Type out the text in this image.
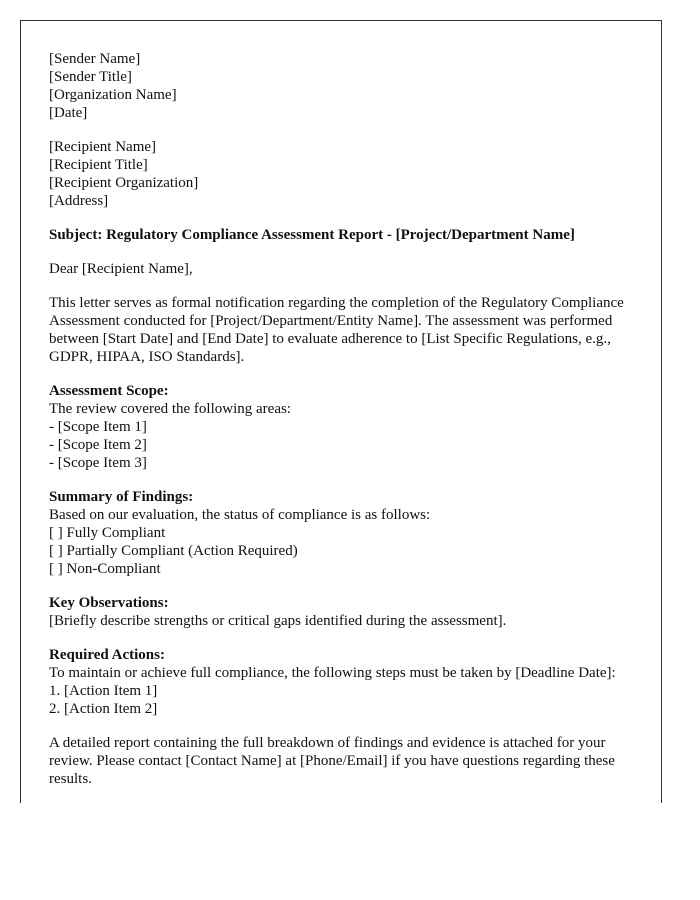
[Sender Name]
[Sender Title]
[Organization Name]
[Date]
[Recipient Name]
[Recipient Title]
[Recipient Organization]
[Address]
Subject: Regulatory Compliance Assessment Report - [Project/Department Name]
Dear [Recipient Name],
This letter serves as formal notification regarding the completion of the Regulatory Compliance Assessment conducted for [Project/Department/Entity Name]. The assessment was performed between [Start Date] and [End Date] to evaluate adherence to [List Specific Regulations, e.g., GDPR, HIPAA, ISO Standards].
Assessment Scope:
The review covered the following areas:
- [Scope Item 1]
- [Scope Item 2]
- [Scope Item 3]
Summary of Findings:
Based on our evaluation, the status of compliance is as follows:
[ ] Fully Compliant
[ ] Partially Compliant (Action Required)
[ ] Non-Compliant
Key Observations:
[Briefly describe strengths or critical gaps identified during the assessment].
Required Actions:
To maintain or achieve full compliance, the following steps must be taken by [Deadline Date]:
1. [Action Item 1]
2. [Action Item 2]
A detailed report containing the full breakdown of findings and evidence is attached for your review. Please contact [Contact Name] at [Phone/Email] if you have questions regarding these results.
